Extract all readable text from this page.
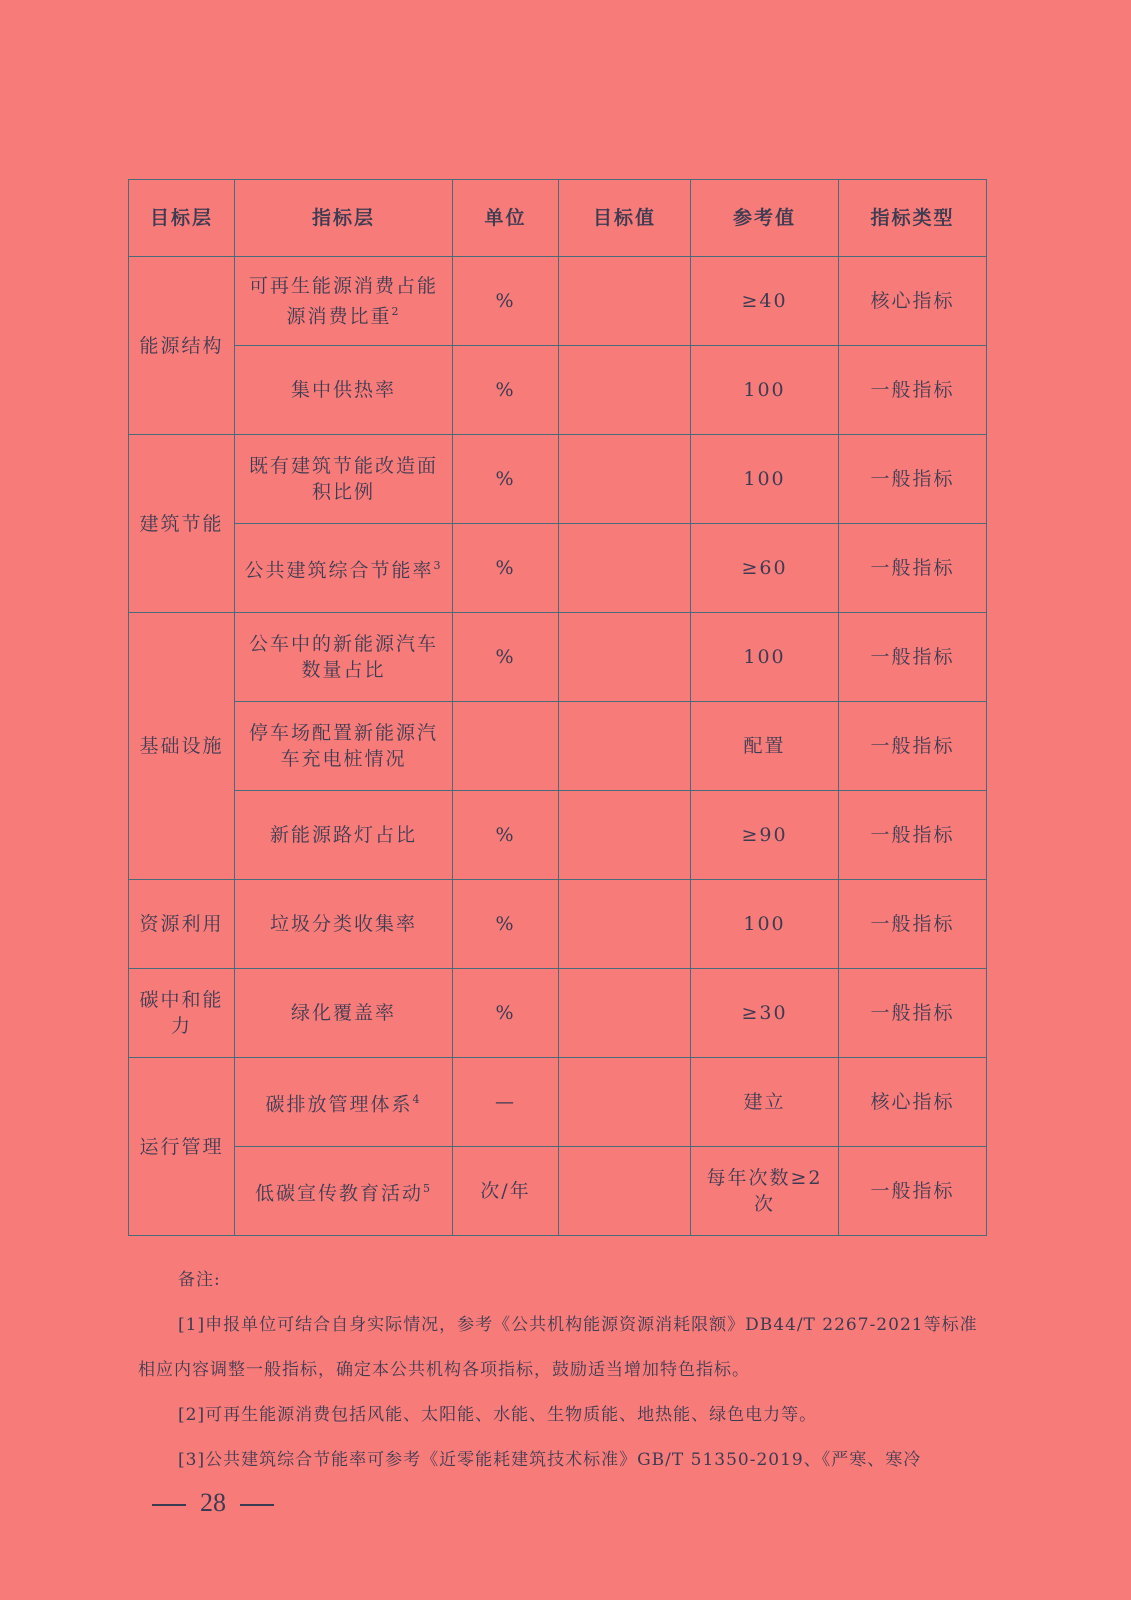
目标层	指标层	单位	目标值	参考值	指标类型
能源结构	可再生能源消费占能源消费比重$^2$	%		≥40	核心指标
	集中供热率	%		100	一般指标
建筑节能	既有建筑节能改造面积比例	%		100	一般指标
	公共建筑综合节能率$^3$	%		≥60	一般指标
基础设施	公车中的新能源汽车数量占比	%		100	一般指标
	停车场配置新能源汽车充电桩情况			配置	一般指标
	新能源路灯占比	%		≥90	一般指标
资源利用	垃圾分类收集率	%		100	一般指标
碳中和能力	绿化覆盖率	%		≥30	一般指标
运行管理	碳排放管理体系$^4$	—		建立	核心指标
	低碳宣传教育活动$^5$	次/年		每年次数≥2次	一般指标

备注:

[1]申报单位可结合自身实际情况，参考《公共机构能源资源消耗限额》DB44/T 2267-2021等标准相应内容调整一般指标，确定本公共机构各项指标，鼓励适当增加特色指标。

[2]可再生能源消费包括风能、太阳能、水能、生物质能、地热能、绿色电力等。

[3]公共建筑综合节能率可参考《近零能耗建筑技术标准》GB/T 51350-2019、《严寒、寒冷

28
